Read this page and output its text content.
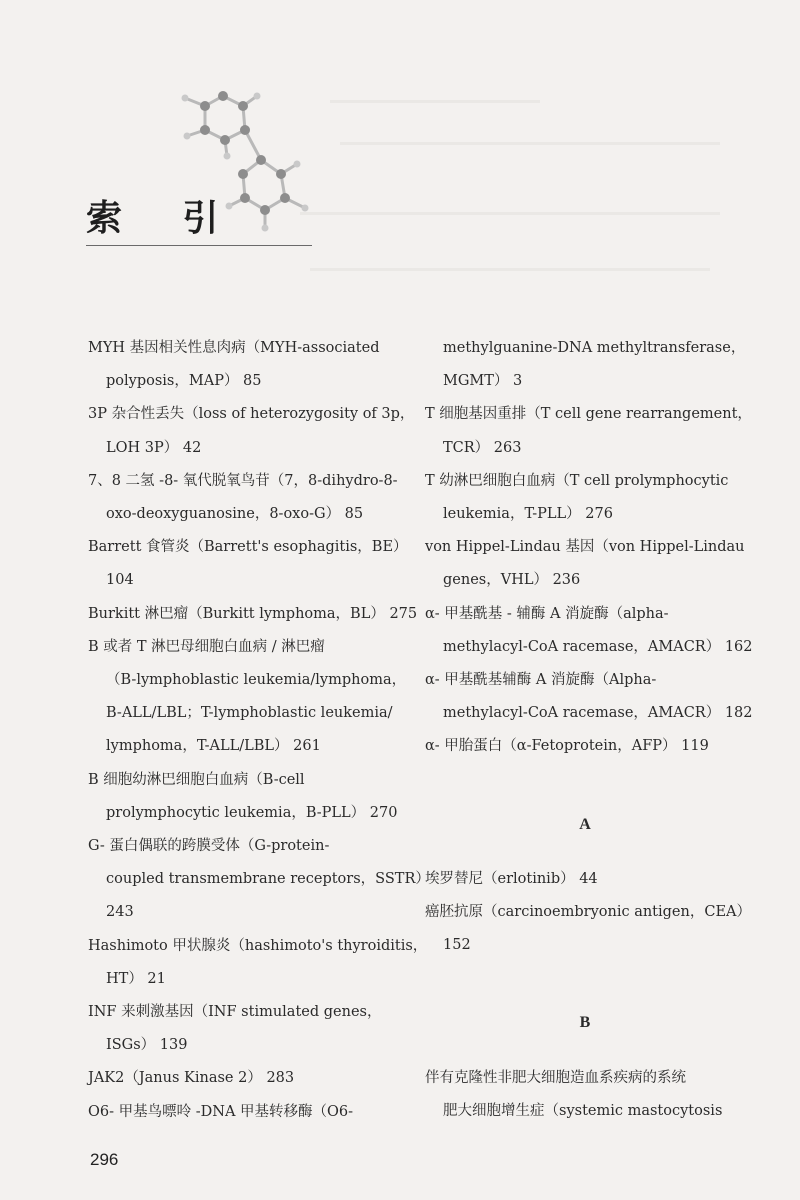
索 引
MYH 基因相关性息肉病（MYH-associated
polyposis，MAP） 85
3P 杂合性丢失（loss of heterozygosity of 3p，
LOH 3P） 42
7、8 二氢 -8- 氧代脱氧鸟苷（7，8-dihydro-8-
oxo-deoxyguanosine，8-oxo-G） 85
Barrett 食管炎（Barrett's esophagitis，BE）
104
Burkitt 淋巴瘤（Burkitt lymphoma，BL） 275
B 或者 T 淋巴母细胞白血病 / 淋巴瘤
（B-lymphoblastic leukemia/lymphoma，
B-ALL/LBL；T-lymphoblastic leukemia/
lymphoma，T-ALL/LBL） 261
B 细胞幼淋巴细胞白血病（B-cell
prolymphocytic leukemia，B-PLL） 270
G- 蛋白偶联的跨膜受体（G-protein-
coupled transmembrane receptors，SSTR）
243
Hashimoto 甲状腺炎（hashimoto's thyroiditis，
HT） 21
INF 来刺激基因（INF stimulated genes，
ISGs） 139
JAK2（Janus Kinase 2） 283
O6- 甲基鸟嘌呤 -DNA 甲基转移酶（O6-
methylguanine-DNA methyltransferase，
MGMT） 3
T 细胞基因重排（T cell gene rearrangement，
TCR） 263
T 幼淋巴细胞白血病（T cell prolymphocytic
leukemia，T-PLL） 276
von Hippel-Lindau 基因（von Hippel-Lindau
genes，VHL） 236
α- 甲基酰基 - 辅酶 A 消旋酶（alpha-
methylacyl-CoA racemase，AMACR） 162
α- 甲基酰基辅酶 A 消旋酶（Alpha-
methylacyl-CoA racemase，AMACR） 182
α- 甲胎蛋白（α-Fetoprotein，AFP） 119
A
埃罗替尼（erlotinib） 44
癌胚抗原（carcinoembryonic antigen，CEA）
152
B
伴有克隆性非肥大细胞造血系疾病的系统
肥大细胞增生症（systemic mastocytosis
296
